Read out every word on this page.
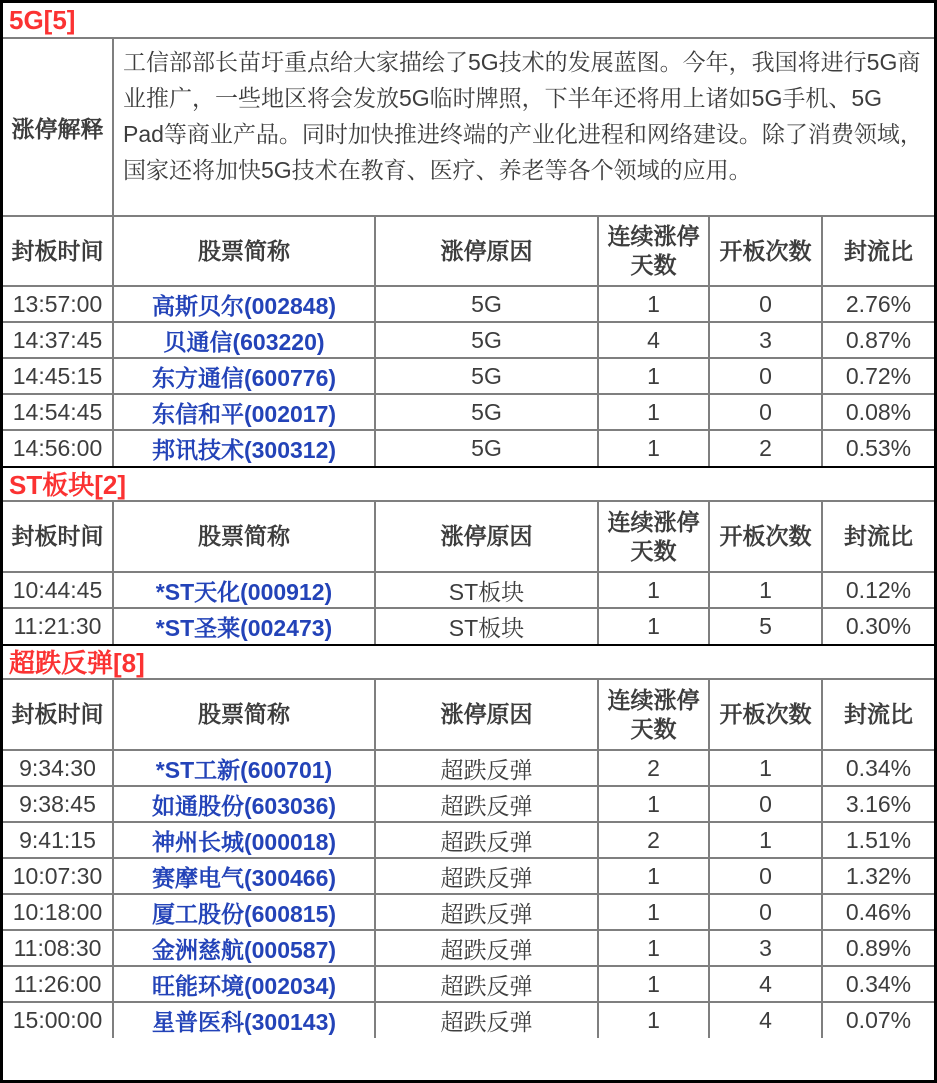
5G[5]
涨停解释	工信部部长苗圩重点给大家描绘了5G技术的发展蓝图。今年，我国将进行5G商业推广，一些地区将会发放5G临时牌照，下半年还将用上诸如5G手机、5G Pad等商业产品。同时加快推进终端的产业化进程和网络建设。除了消费领域，国家还将加快5G技术在教育、医疗、养老等各个领域的应用。				
封板时间	股票简称	涨停原因	连续涨停天数	开板次数	封流比
13:57:00	高斯贝尔(002848)	5G	1	0	2.76%
14:37:45	贝通信(603220)	5G	4	3	0.87%
14:45:15	东方通信(600776)	5G	1	0	0.72%
14:54:45	东信和平(002017)	5G	1	0	0.08%
14:56:00	邦讯技术(300312)	5G	1	2	0.53%
ST板块[2]
封板时间	股票简称	涨停原因	连续涨停天数	开板次数	封流比
10:44:45	*ST天化(000912)	ST板块	1	1	0.12%
11:21:30	*ST圣莱(002473)	ST板块	1	5	0.30%
超跌反弹[8]
封板时间	股票简称	涨停原因	连续涨停天数	开板次数	封流比
9:34:30	*ST工新(600701)	超跌反弹	2	1	0.34%
9:38:45	如通股份(603036)	超跌反弹	1	0	3.16%
9:41:15	神州长城(000018)	超跌反弹	2	1	1.51%
10:07:30	赛摩电气(300466)	超跌反弹	1	0	1.32%
10:18:00	厦工股份(600815)	超跌反弹	1	0	0.46%
11:08:30	金洲慈航(000587)	超跌反弹	1	3	0.89%
11:26:00	旺能环境(002034)	超跌反弹	1	4	0.34%
15:00:00	星普医科(300143)	超跌反弹	1	4	0.07%
